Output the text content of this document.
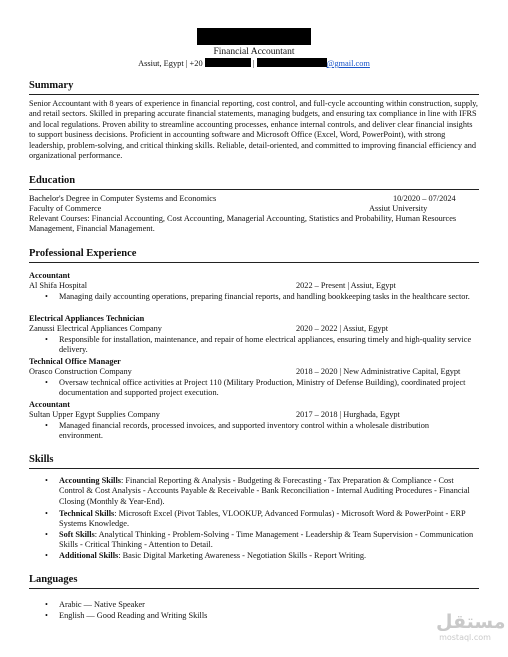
Financial Accountant
Assiut, Egypt | +20	|	@gmail.com
Summary
Senior Accountant with 8 years of experience in financial reporting, cost control, and full-cycle accounting within construction, supply, and retail sectors. Skilled in preparing accurate financial statements, managing budgets, and ensuring tax compliance in line with IFRS and local regulations. Proven ability to streamline accounting processes, enhance internal controls, and deliver clear financial insights to support business decisions. Proficient in accounting software and Microsoft Office (Excel, Word, PowerPoint), with strong leadership, problem-solving, and critical thinking skills. Reliable, detail-oriented, and committed to improving financial efficiency and organizational performance.
Education
Bachelor's Degree in Computer Systems and Economics	10/2020 – 07/2024
Faculty of Commerce	Assiut University
Relevant Courses: Financial Accounting, Cost Accounting, Managerial Accounting, Statistics and Probability, Human Resources Management, Financial Management.
Professional Experience
Accountant
Al Shifa Hospital	2022 – Present | Assiut, Egypt
• Managing daily accounting operations, preparing financial reports, and handling bookkeeping tasks in the healthcare sector.
Electrical Appliances Technician
Zanussi Electrical Appliances Company	2020 – 2022 | Assiut, Egypt
• Responsible for installation, maintenance, and repair of home electrical appliances, ensuring timely and high-quality service delivery.
Technical Office Manager
Orasco Construction Company	2018 – 2020 | New Administrative Capital, Egypt
• Oversaw technical office activities at Project 110 (Military Production, Ministry of Defense Building), coordinated project documentation and supported project execution.
Accountant
Sultan Upper Egypt Supplies Company	2017 – 2018 | Hurghada, Egypt
• Managed financial records, processed invoices, and supported inventory control within a wholesale distribution environment.
Skills
• Accounting Skills: Financial Reporting & Analysis - Budgeting & Forecasting - Tax Preparation & Compliance - Cost Control & Cost Analysis - Accounts Payable & Receivable - Bank Reconciliation - Internal Auditing Procedures - Financial Closing (Monthly & Year-End).
• Technical Skills: Microsoft Excel (Pivot Tables, VLOOKUP, Advanced Formulas) - Microsoft Word & PowerPoint - ERP Systems Knowledge.
• Soft Skills: Analytical Thinking - Problem-Solving - Time Management - Leadership & Team Supervision - Communication Skills - Critical Thinking - Attention to Detail.
• Additional Skills: Basic Digital Marketing Awareness - Negotiation Skills - Report Writing.
Languages
• Arabic — Native Speaker
• English — Good Reading and Writing Skills	مستقل
mostaql.com
